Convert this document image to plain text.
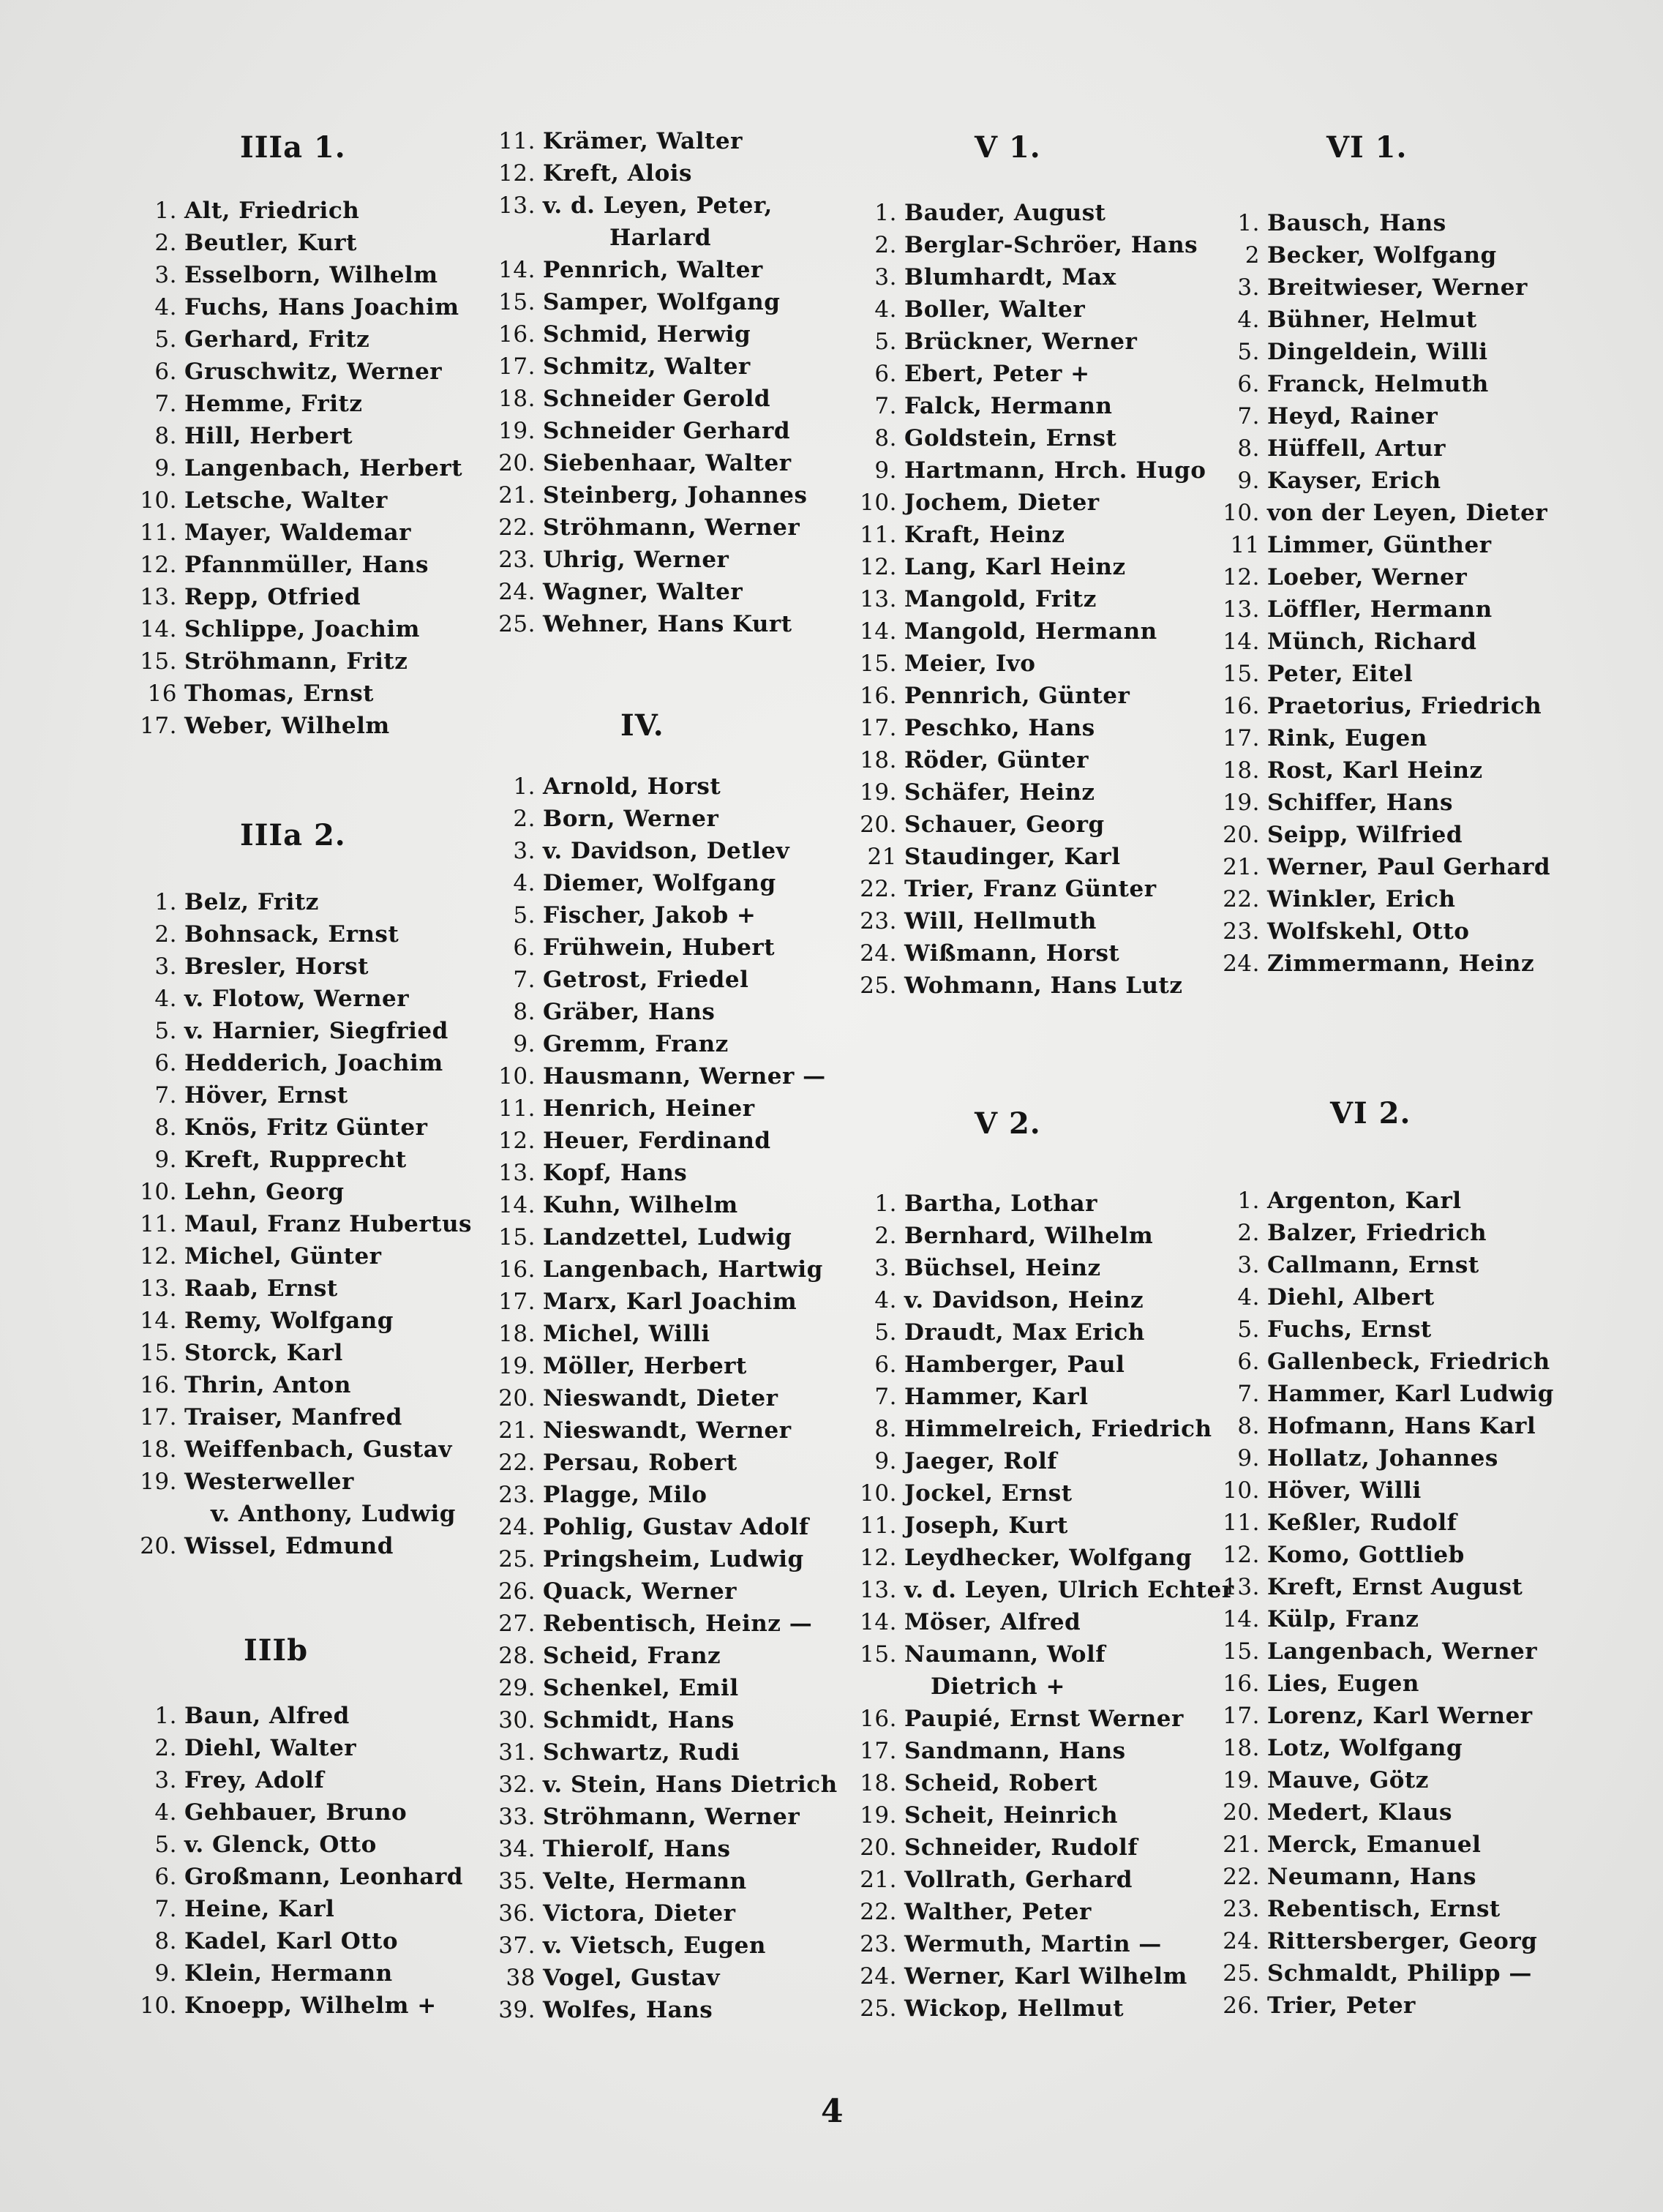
IIIa 1.
1. Alt, Friedrich
2. Beutler, Kurt
3. Esselborn, Wilhelm
4. Fuchs, Hans Joachim
5. Gerhard, Fritz
6. Gruschwitz, Werner
7. Hemme, Fritz
8. Hill, Herbert
9. Langenbach, Herbert
10. Letsche, Walter
11. Mayer, Waldemar
12. Pfannmüller, Hans
13. Repp, Otfried
14. Schlippe, Joachim
15. Ströhmann, Fritz
16 Thomas, Ernst
17. Weber, Wilhelm
IIIa 2.
1. Belz, Fritz
2. Bohnsack, Ernst
3. Bresler, Horst
4. v. Flotow, Werner
5. v. Harnier, Siegfried
6. Hedderich, Joachim
7. Höver, Ernst
8. Knös, Fritz Günter
9. Kreft, Rupprecht
10. Lehn, Georg
11. Maul, Franz Hubertus
12. Michel, Günter
13. Raab, Ernst
14. Remy, Wolfgang
15. Storck, Karl
16. Thrin, Anton
17. Traiser, Manfred
18. Weiffenbach, Gustav
19. Westerweller
v. Anthony, Ludwig
20. Wissel, Edmund
IIIb
1. Baun, Alfred
2. Diehl, Walter
3. Frey, Adolf
4. Gehbauer, Bruno
5. v. Glenck, Otto
6. Großmann, Leonhard
7. Heine, Karl
8. Kadel, Karl Otto
9. Klein, Hermann
10. Knoepp, Wilhelm +
11. Krämer, Walter
12. Kreft, Alois
13. v. d. Leyen, Peter,
Harlard
14. Pennrich, Walter
15. Samper, Wolfgang
16. Schmid, Herwig
17. Schmitz, Walter
18. Schneider Gerold
19. Schneider Gerhard
20. Siebenhaar, Walter
21. Steinberg, Johannes
22. Ströhmann, Werner
23. Uhrig, Werner
24. Wagner, Walter
25. Wehner, Hans Kurt
IV.
1. Arnold, Horst
2. Born, Werner
3. v. Davidson, Detlev
4. Diemer, Wolfgang
5. Fischer, Jakob +
6. Frühwein, Hubert
7. Getrost, Friedel
8. Gräber, Hans
9. Gremm, Franz
10. Hausmann, Werner —
11. Henrich, Heiner
12. Heuer, Ferdinand
13. Kopf, Hans
14. Kuhn, Wilhelm
15. Landzettel, Ludwig
16. Langenbach, Hartwig
17. Marx, Karl Joachim
18. Michel, Willi
19. Möller, Herbert
20. Nieswandt, Dieter
21. Nieswandt, Werner
22. Persau, Robert
23. Plagge, Milo
24. Pohlig, Gustav Adolf
25. Pringsheim, Ludwig
26. Quack, Werner
27. Rebentisch, Heinz —
28. Scheid, Franz
29. Schenkel, Emil
30. Schmidt, Hans
31. Schwartz, Rudi
32. v. Stein, Hans Dietrich
33. Ströhmann, Werner
34. Thierolf, Hans
35. Velte, Hermann
36. Victora, Dieter
37. v. Vietsch, Eugen
38 Vogel, Gustav
39. Wolfes, Hans
V 1.
1. Bauder, August
2. Berglar-Schröer, Hans
3. Blumhardt, Max
4. Boller, Walter
5. Brückner, Werner
6. Ebert, Peter +
7. Falck, Hermann
8. Goldstein, Ernst
9. Hartmann, Hrch. Hugo
10. Jochem, Dieter
11. Kraft, Heinz
12. Lang, Karl Heinz
13. Mangold, Fritz
14. Mangold, Hermann
15. Meier, Ivo
16. Pennrich, Günter
17. Peschko, Hans
18. Röder, Günter
19. Schäfer, Heinz
20. Schauer, Georg
21 Staudinger, Karl
22. Trier, Franz Günter
23. Will, Hellmuth
24. Wißmann, Horst
25. Wohmann, Hans Lutz
V 2.
1. Bartha, Lothar
2. Bernhard, Wilhelm
3. Büchsel, Heinz
4. v. Davidson, Heinz
5. Draudt, Max Erich
6. Hamberger, Paul
7. Hammer, Karl
8. Himmelreich, Friedrich
9. Jaeger, Rolf
10. Jockel, Ernst
11. Joseph, Kurt
12. Leydhecker, Wolfgang
13. v. d. Leyen, Ulrich Echter
14. Möser, Alfred
15. Naumann, Wolf
Dietrich +
16. Paupié, Ernst Werner
17. Sandmann, Hans
18. Scheid, Robert
19. Scheit, Heinrich
20. Schneider, Rudolf
21. Vollrath, Gerhard
22. Walther, Peter
23. Wermuth, Martin —
24. Werner, Karl Wilhelm
25. Wickop, Hellmut
VI 1.
1. Bausch, Hans
2 Becker, Wolfgang
3. Breitwieser, Werner
4. Bühner, Helmut
5. Dingeldein, Willi
6. Franck, Helmuth
7. Heyd, Rainer
8. Hüffell, Artur
9. Kayser, Erich
10. von der Leyen, Dieter
11 Limmer, Günther
12. Loeber, Werner
13. Löffler, Hermann
14. Münch, Richard
15. Peter, Eitel
16. Praetorius, Friedrich
17. Rink, Eugen
18. Rost, Karl Heinz
19. Schiffer, Hans
20. Seipp, Wilfried
21. Werner, Paul Gerhard
22. Winkler, Erich
23. Wolfskehl, Otto
24. Zimmermann, Heinz
VI 2.
1. Argenton, Karl
2. Balzer, Friedrich
3. Callmann, Ernst
4. Diehl, Albert
5. Fuchs, Ernst
6. Gallenbeck, Friedrich
7. Hammer, Karl Ludwig
8. Hofmann, Hans Karl
9. Hollatz, Johannes
10. Höver, Willi
11. Keßler, Rudolf
12. Komo, Gottlieb
13. Kreft, Ernst August
14. Külp, Franz
15. Langenbach, Werner
16. Lies, Eugen
17. Lorenz, Karl Werner
18. Lotz, Wolfgang
19. Mauve, Götz
20. Medert, Klaus
21. Merck, Emanuel
22. Neumann, Hans
23. Rebentisch, Ernst
24. Rittersberger, Georg
25. Schmaldt, Philipp —
26. Trier, Peter
4
